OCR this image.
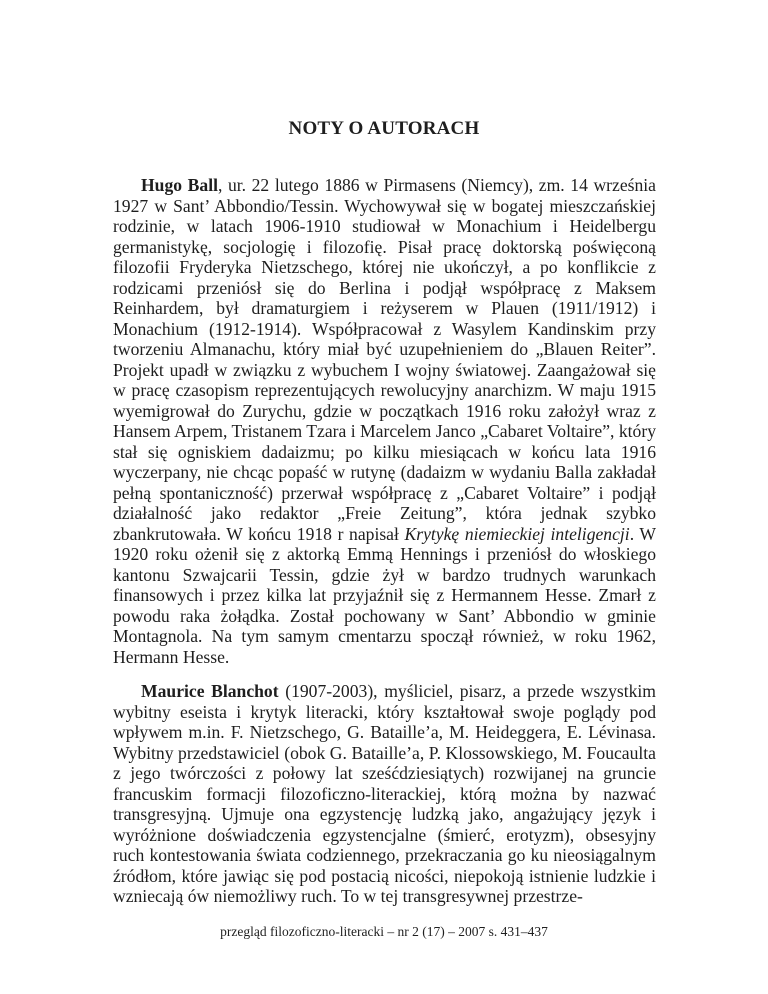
NOTY O AUTORACH

Hugo Ball, ur. 22 lutego 1886 w Pirmasens (Niemcy), zm. 14 września 1927 w Sant’ Abbondio/Tessin. Wychowywał się w bogatej mieszczańskiej rodzinie, w latach 1906-1910 studiował w Monachium i Heidelbergu germanistykę, socjologię i filozofię. Pisał pracę doktorską poświęconą filozofii Fryderyka Nietzschego, której nie ukończył, a po konflikcie z rodzicami przeniósł się do Berlina i podjął współpracę z Maksem Reinhardem, był dramaturgiem i reżyserem w Plauen (1911/1912) i Monachium (1912-1914). Współpracował z Wasylem Kandinskim przy tworzeniu Almanachu, który miał być uzupełnieniem do „Blauen Reiter”. Projekt upadł w związku z wybuchem I wojny światowej. Zaangażował się w pracę czasopism reprezentujących rewolucyjny anarchizm. W maju 1915 wyemigrował do Zurychu, gdzie w początkach 1916 roku założył wraz z Hansem Arpem, Tristanem Tzara i Marcelem Janco „Cabaret Voltaire”, który stał się ogniskiem dadaizmu; po kilku miesiącach w końcu lata 1916 wyczerpany, nie chcąc popaść w rutynę (dadaizm w wydaniu Balla zakładał pełną spontaniczność) przerwał współpracę z „Cabaret Voltaire” i podjął działalność jako redaktor „Freie Zeitung”, która jednak szybko zbankrutowała. W końcu 1918 r napisał Krytykę niemieckiej inteligencji. W 1920 roku ożenił się z aktorką Emmą Hennings i przeniósł do włoskiego kantonu Szwajcarii Tessin, gdzie żył w bardzo trudnych warunkach finansowych i przez kilka lat przyjaźnił się z Hermannem Hesse. Zmarł z powodu raka żołądka. Został pochowany w Sant’ Abbondio w gminie Montagnola. Na tym samym cmentarzu spoczął również, w roku 1962, Hermann Hesse.

Maurice Blanchot (1907-2003), myśliciel, pisarz, a przede wszystkim wybitny eseista i krytyk literacki, który kształtował swoje poglądy pod wpływem m.in. F. Nietzschego, G. Bataille’a, M. Heideggera, E. Lévinasa. Wybitny przedstawiciel (obok G. Bataille’a, P. Klossowskiego, M. Foucaulta z jego twórczości z połowy lat sześćdziesiątych) rozwijanej na gruncie francuskim formacji filozoficzno-literackiej, którą można by nazwać transgresyjną. Ujmuje ona egzystencję ludzką jako, angażujący język i wyróżnione doświadczenia egzystencjalne (śmierć, erotyzm), obsesyjny ruch kontestowania świata codziennego, przekraczania go ku nieosiągalnym źródłom, które jawiąc się pod postacią nicości, niepokoją istnienie ludzkie i wzniecają ów niemożliwy ruch. To w tej transgresywnej przestrze-

przegląd filozoficzno-literacki – nr 2 (17) – 2007 s. 431–437
